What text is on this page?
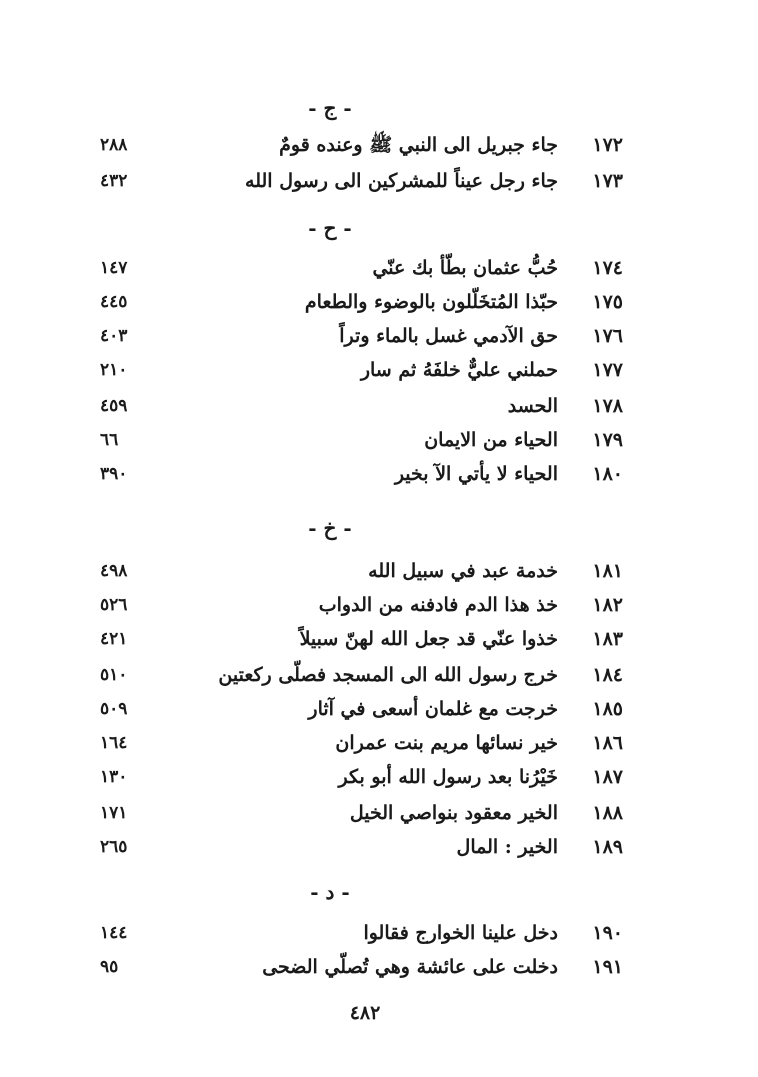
- ج -
١٧٢
جاء جبريل الى النبي ﷺ وعنده قومٌ
٢٨٨
١٧٣
جاء رجل عيناً للمشركين الى رسول الله
٤٣٢
- ح -
١٧٤
حُبُّ عثمان بطّأ بك عنّي
١٤٧
١٧٥
حبّذا المُتخَلّلون بالوضوء والطعام
٤٤٥
١٧٦
حق الآدمي غسل بالماء وتراً
٤٠٣
١٧٧
حملني عليٌّ خلفَهُ ثم سار
٢١٠
١٧٨
الحسد
٤٥٩
١٧٩
الحياء من الايمان
٦٦
١٨٠
الحياء لا يأتي الآ بخير
٣٩٠
- خ -
١٨١
خدمة عبد في سبيل الله
٤٩٨
١٨٢
خذ هذا الدم فادفنه من الدواب
٥٢٦
١٨٣
خذوا عنّي قد جعل الله لهنّ سبيلاً
٤٢١
١٨٤
خرج رسول الله الى المسجد فصلّى ركعتين
٥١٠
١٨٥
خرجت مع غلمان أسعى في آثار
٥٠٩
١٨٦
خير نسائها مريم بنت عمران
١٦٤
١٨٧
خَيْرُنا بعد رسول الله أبو بكر
١٣٠
١٨٨
الخير معقود بنواصي الخيل
١٧١
١٨٩
الخير : المال
٢٦٥
- د -
١٩٠
دخل علينا الخوارج فقالوا
١٤٤
١٩١
دخلت على عائشة وهي تُصلّي الضحى
٩٥
٤٨٢
